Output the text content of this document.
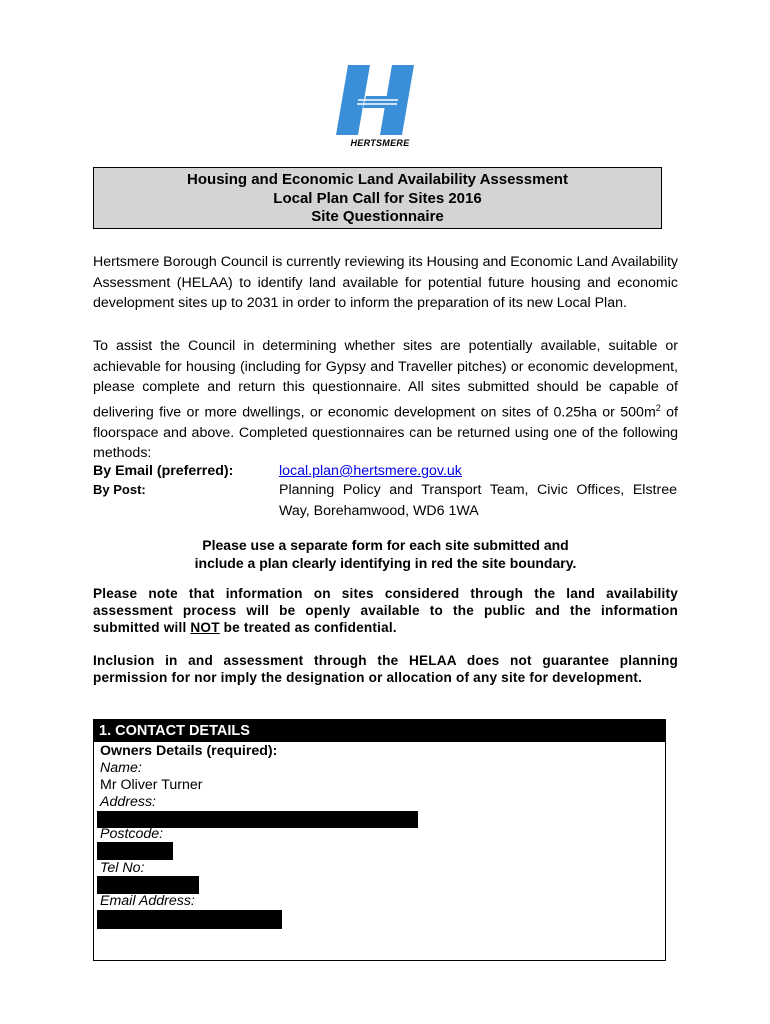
HERTSMERE
Housing and Economic Land Availability Assessment
Local Plan Call for Sites 2016
Site Questionnaire
Hertsmere Borough Council is currently reviewing its Housing and Economic Land Availability Assessment (HELAA) to identify land available for potential future housing and economic development sites up to 2031 in order to inform the preparation of its new Local Plan.
To assist the Council in determining whether sites are potentially available, suitable or achievable for housing (including for Gypsy and Traveller pitches) or economic development, please complete and return this questionnaire. All sites submitted should be capable of delivering five or more dwellings, or economic development on sites of 0.25ha or $500m^2$ of floorspace and above. Completed questionnaires can be returned using one of the following methods:
By Email (preferred):	local.plan@hertsmere.gov.uk
By Post:	Planning Policy and Transport Team, Civic Offices, Elstree Way, Borehamwood, WD6 1WA
Please use a separate form for each site submitted and
include a plan clearly identifying in red the site boundary.
Please note that information on sites considered through the land availability assessment process will be openly available to the public and the information submitted will NOT be treated as confidential.
Inclusion in and assessment through the HELAA does not guarantee planning permission for nor imply the designation or allocation of any site for development.
1. CONTACT DETAILS
Owners Details (required):
Name:
Mr Oliver Turner
Address:
Postcode:
Tel No:
Email Address:
